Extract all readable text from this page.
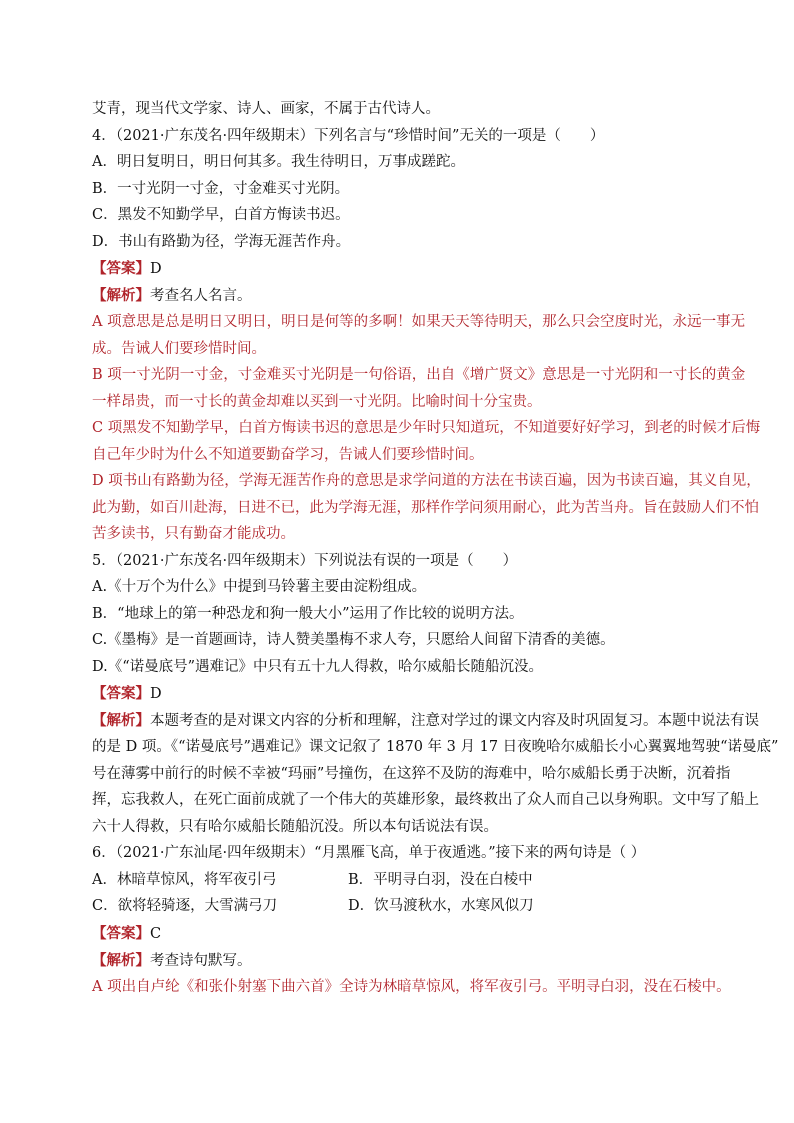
艾青，现当代文学家、诗人、画家，不属于古代诗人。
4．（2021·广东茂名·四年级期末）下列名言与“珍惜时间”无关的一项是（　　）
A．明日复明日，明日何其多。我生待明日，万事成蹉跎。
B．一寸光阴一寸金，寸金难买寸光阴。
C．黑发不知勤学早，白首方悔读书迟。
D．书山有路勤为径，学海无涯苦作舟。
【答案】D
【解析】考查名人名言。
A 项意思是总是明日又明日，明日是何等的多啊！如果天天等待明天，那么只会空度时光，永远一事无
成。告诫人们要珍惜时间。
B 项一寸光阴一寸金，寸金难买寸光阴是一句俗语，出自《增广贤文》意思是一寸光阴和一寸长的黄金
一样昂贵，而一寸长的黄金却难以买到一寸光阴。比喻时间十分宝贵。
C 项黑发不知勤学早，白首方悔读书迟的意思是少年时只知道玩，不知道要好好学习，到老的时候才后悔
自己年少时为什么不知道要勤奋学习，告诫人们要珍惜时间。
D 项书山有路勤为径，学海无涯苦作舟的意思是求学问道的方法在书读百遍，因为书读百遍，其义自见，
此为勤，如百川赴海，日进不已，此为学海无涯，那样作学问须用耐心，此为苦当舟。旨在鼓励人们不怕
苦多读书，只有勤奋才能成功。
5．（2021·广东茂名·四年级期末）下列说法有误的一项是（　　）
A.《十万个为什么》中提到马铃薯主要由淀粉组成。
B．“地球上的第一种恐龙和狗一般大小”运用了作比较的说明方法。
C.《墨梅》是一首题画诗，诗人赞美墨梅不求人夸，只愿给人间留下清香的美德。
D.《“诺曼底号”遇难记》中只有五十九人得救，哈尔威船长随船沉没。
【答案】D
【解析】本题考查的是对课文内容的分析和理解，注意对学过的课文内容及时巩固复习。本题中说法有误
的是 D 项。《“诺曼底号”遇难记》课文记叙了 1870 年 3 月 17 日夜晚哈尔威船长小心翼翼地驾驶“诺曼底”
号在薄雾中前行的时候不幸被“玛丽”号撞伤，在这猝不及防的海难中，哈尔威船长勇于决断，沉着指
挥，忘我救人，在死亡面前成就了一个伟大的英雄形象，最终救出了众人而自己以身殉职。文中写了船上
六十人得救，只有哈尔威船长随船沉没。所以本句话说法有误。
6．（2021·广东汕尾·四年级期末）“月黑雁飞高，单于夜遁逃。”接下来的两句诗是（ ）
A．林暗草惊风，将军夜引弓	B．平明寻白羽，没在白棱中
C．欲将轻骑逐，大雪满弓刀	D．饮马渡秋水，水寒风似刀
【答案】C
【解析】考查诗句默写。
A 项出自卢纶《和张仆射塞下曲六首》全诗为林暗草惊风，将军夜引弓。平明寻白羽，没在石棱中。
